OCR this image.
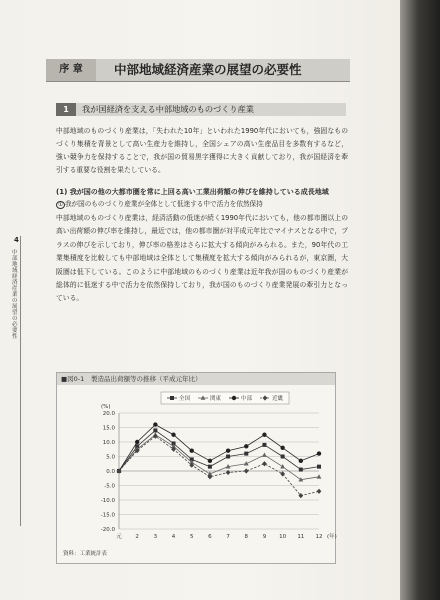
4
中部地域経済産業の展望の必要性
序 章	中部地域経済産業の展望の必要性
1	我が国経済を支える中部地域のものづくり産業
中部地域のものづくり産業は，「失われた10年」といわれた1990年代においても，強固なものづくり集積を背景として高い生産力を維持し，全国シェアの高い生産品目を多数有するなど，強い競争力を保持することで，我が国の貿易黒字獲得に大きく貢献しており，我が国経済を牽引する重要な役割を果たしている。
(1) 我が国の他の大都市圏を常に上回る高い工業出荷額の伸びを維持している成長地域
① 我が国のものづくり産業が全体として低迷する中で活力を依然保持
中部地域のものづくり産業は，経済活動の低迷が続く1990年代においても，他の都市圏以上の高い出荷額の伸び率を維持し，最近では，他の都市圏が対平成元年比でマイナスとなる中で，プラスの伸びを示しており，伸び率の格差はさらに拡大する傾向がみられる。また，90年代の工業集積度を比較しても中部地域は全体として集積度を拡大する傾向がみられるが，東京圏，大阪圏は低下している。このように中部地域のものづくり産業は近年我が国のものづくり産業が総体的に低迷する中で活力を依然保持しており，我が国のものづくり産業発展の牽引力となっている。
■図0-1 製造品出荷額等の推移（平成元年比）
20.0
15.0
10.0
5.0
0.0
-5.0
-10.0
-15.0
-20.0
(%)
元 2	3	4	5	6	7	8	9 10 11 12 (年)
全国	関東	中部	近畿
資料：工業統計表
